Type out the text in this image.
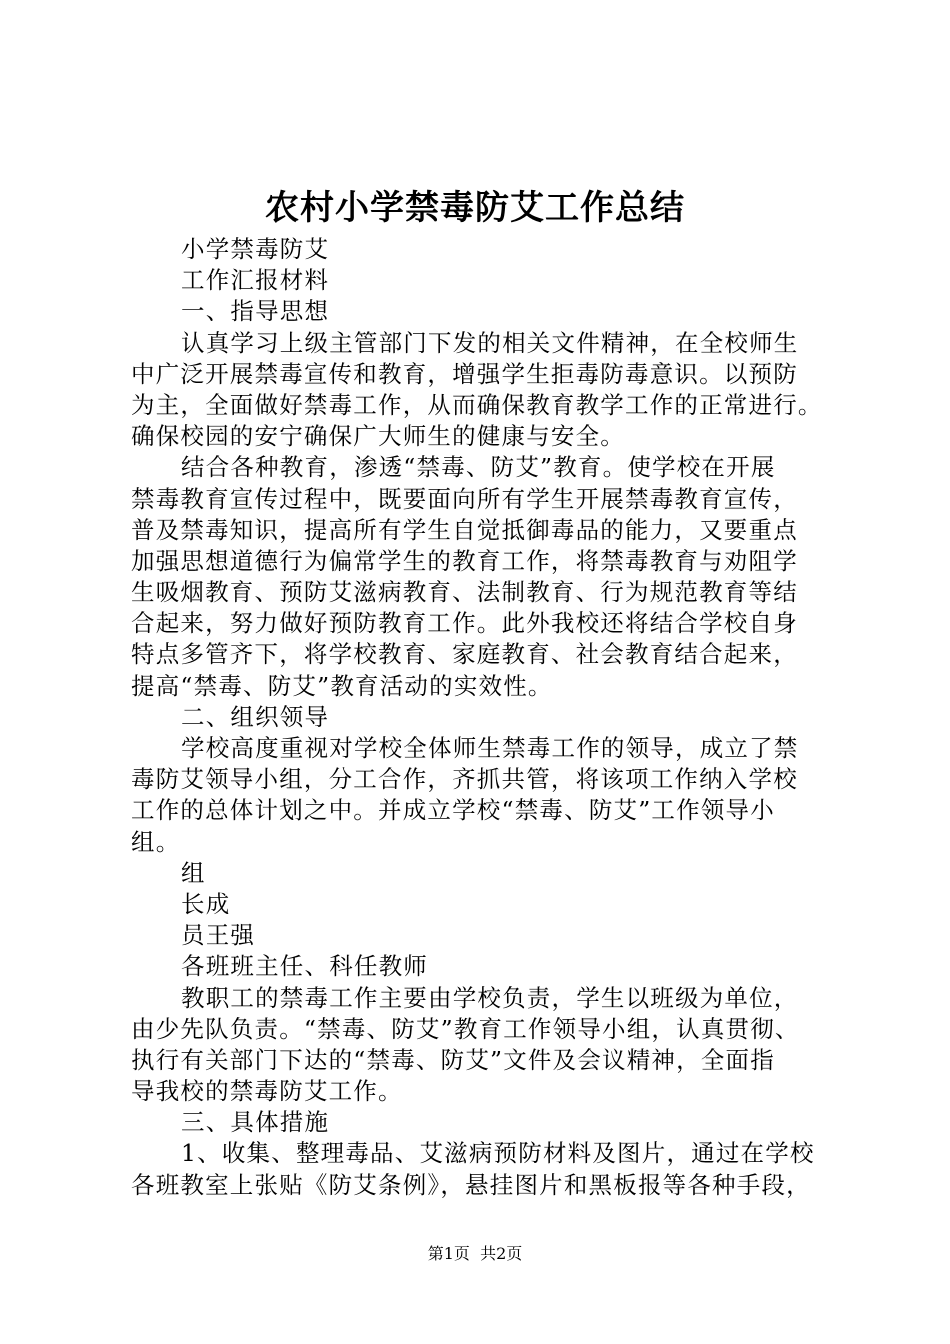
农村小学禁毒防艾工作总结
小学禁毒防艾
工作汇报材料
一、指导思想
认真学习上级主管部门下发的相关文件精神，在全校师生
中广泛开展禁毒宣传和教育，增强学生拒毒防毒意识。以预防
为主，全面做好禁毒工作，从而确保教育教学工作的正常进行。
确保校园的安宁确保广大师生的健康与安全。
结合各种教育，渗透“禁毒、防艾”教育。使学校在开展
禁毒教育宣传过程中，既要面向所有学生开展禁毒教育宣传，
普及禁毒知识，提高所有学生自觉抵御毒品的能力，又要重点
加强思想道德行为偏常学生的教育工作，将禁毒教育与劝阻学
生吸烟教育、预防艾滋病教育、法制教育、行为规范教育等结
合起来，努力做好预防教育工作。此外我校还将结合学校自身
特点多管齐下，将学校教育、家庭教育、社会教育结合起来，
提高“禁毒、防艾”教育活动的实效性。
二、组织领导
学校高度重视对学校全体师生禁毒工作的领导，成立了禁
毒防艾领导小组，分工合作，齐抓共管，将该项工作纳入学校
工作的总体计划之中。并成立学校“禁毒、防艾”工作领导小
组。
组
长成
员王强
各班班主任、科任教师
教职工的禁毒工作主要由学校负责，学生以班级为单位，
由少先队负责。“禁毒、防艾”教育工作领导小组，认真贯彻、
执行有关部门下达的“禁毒、防艾”文件及会议精神，全面指
导我校的禁毒防艾工作。
三、具体措施
1、收集、整理毒品、艾滋病预防材料及图片，通过在学校
各班教室上张贴《防艾条例》，悬挂图片和黑板报等各种手段，
第1页  共2页
